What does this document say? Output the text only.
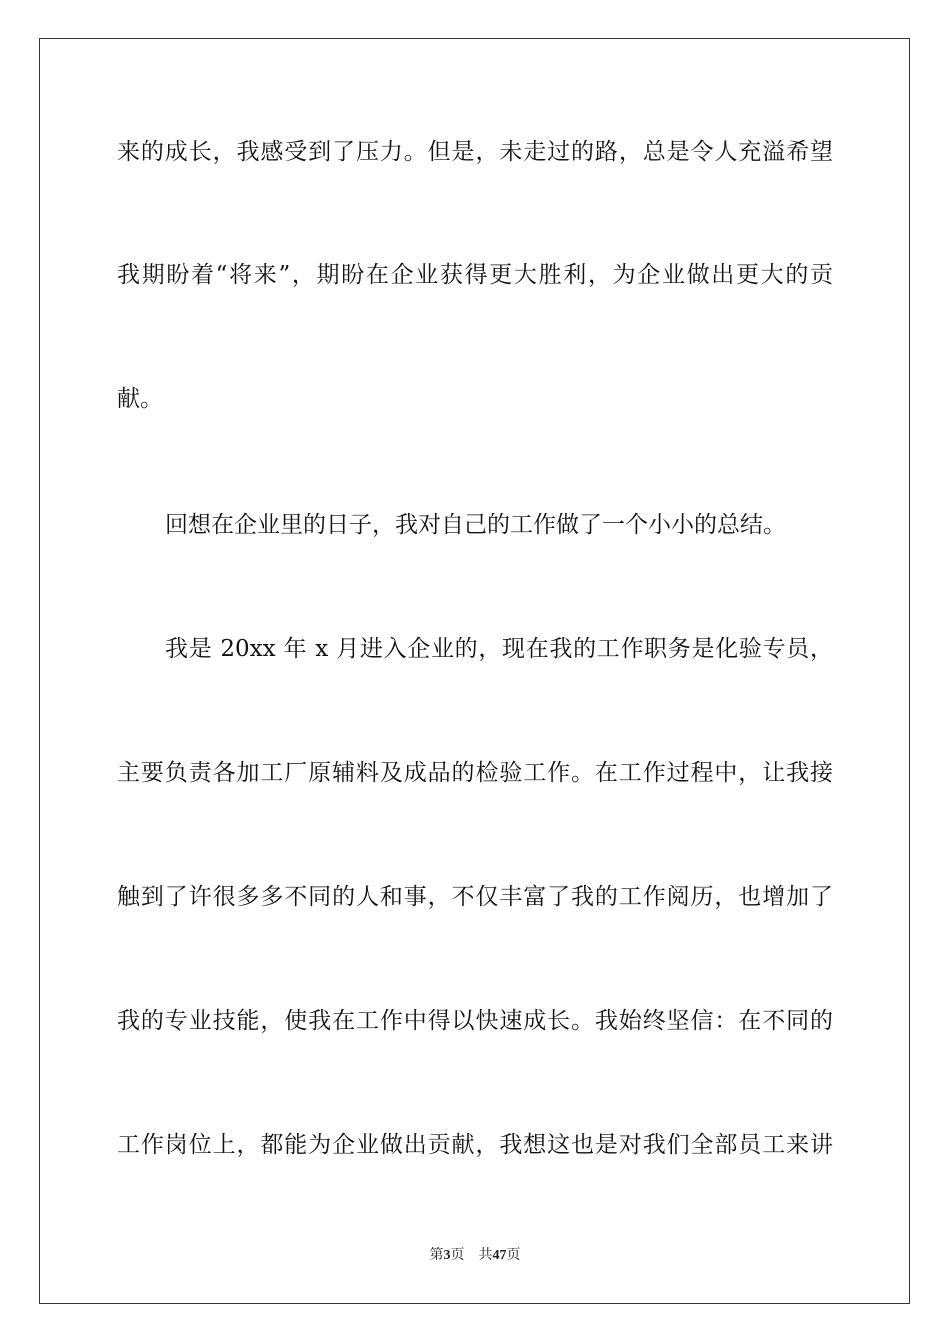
来的成长，我感受到了压力。但是，未走过的路，总是令人充溢希望
我期盼着“将来”，期盼在企业获得更大胜利，为企业做出更大的贡
献。
回想在企业里的日子，我对自己的工作做了一个小小的总结。
我是 20xx 年 x 月进入企业的，现在我的工作职务是化验专员，
主要负责各加工厂原辅料及成品的检验工作。在工作过程中，让我接
触到了许很多多不同的人和事，不仅丰富了我的工作阅历，也增加了
我的专业技能，使我在工作中得以快速成长。我始终坚信：在不同的
工作岗位上，都能为企业做出贡献，我想这也是对我们全部员工来讲
第3页 共47页
